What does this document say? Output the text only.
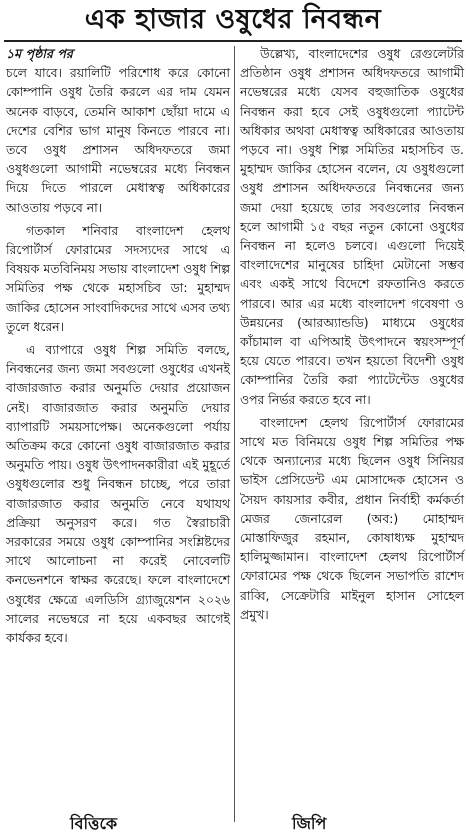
এক হাজার ওষুধের নিবন্ধন

১ম পৃষ্ঠার পর

চলে যাবে। রয়ালিটি পরিশোধ করে কোনো কোম্পানি ওষুধ তৈরি করলে এর দাম যেমন অনেক বাড়বে, তেমনি আকাশ ছোঁয়া দামে এ দেশের বেশির ভাগ মানুষ কিনতে পারবে না। তবে ওষুধ প্রশাসন অধিদফতরে জমা ওষুধগুলো আগামী নভেম্বরের মধ্যে নিবন্ধন দিয়ে দিতে পারলে মেধাস্বত্ব অধিকারের আওতায় পড়বে না।

গতকাল শনিবার বাংলাদেশ হেলথ রিপোর্টার্স ফোরামের সদস্যদের সাথে এ বিষয়ক মতবিনিময় সভায় বাংলাদেশ ওষুধ শিল্প সমিতির পক্ষ থেকে মহাসচিব ডা: মুহাম্মদ জাকির হোসেন সাংবাদিকদের সাথে এসব তথ্য তুলে ধরেন।

এ ব্যাপারে ওষুধ শিল্প সমিতি বলছে, নিবন্ধনের জন্য জমা সবগুলো ওষুধের এখনই বাজারজাত করার অনুমতি দেয়ার প্রয়োজন নেই। বাজারজাত করার অনুমতি দেয়ার ব্যাপারটি সময়সাপেক্ষ। অনেকগুলো পর্যায় অতিক্রম করে কোনো ওষুধ বাজারজাত করার অনুমতি পায়। ওষুধ উৎপাদনকারীরা এই মুহূর্তে ওষুধগুলোর শুধু নিবন্ধন চাচ্ছে, পরে তারা বাজারজাত করার অনুমতি নেবে যথাযথ প্রক্রিয়া অনুসরণ করে। গত স্বৈরাচারী সরকারের সময়ে ওষুধ কোম্পানির সংশ্লিষ্টদের সাথে আলোচনা না করেই নোবেলটি কনভেনশনে স্বাক্ষর করেছে। ফলে বাংলাদেশে ওষুধের ক্ষেত্রে এলডিসি গ্র্যাজুয়েশন ২০২৬ সালের নভেম্বরে না হয়ে একবছর আগেই কার্যকর হবে।

উল্লেখ্য, বাংলাদেশের ওষুধ রেগুলেটরি প্রতিষ্ঠান ওষুধ প্রশাসন অধিদফতরে আগামী নভেম্বরের মধ্যে যেসব বহুজাতিক ওষুধের নিবন্ধন করা হবে সেই ওষুধগুলো প্যাটেন্ট অধিকার অথবা মেধাস্বত্ব অধিকারের আওতায় পড়বে না। ওষুধ শিল্প সমিতির মহাসচিব ড. মুহাম্মদ জাকির হোসেন বলেন, যে ওষুধগুলো ওষুধ প্রশাসন অধিদফতরে নিবন্ধনের জন্য জমা দেয়া হয়েছে তার সবগুলোর নিবন্ধন হলে আগামী ১৫ বছর নতুন কোনো ওষুধের নিবন্ধন না হলেও চলবে। এগুলো দিয়েই বাংলাদেশের মানুষের চাহিদা মেটানো সম্ভব এবং একই সাথে বিদেশে রফতানিও করতে পারবে। আর এর মধ্যে বাংলাদেশ গবেষণা ও উন্নয়নের (আরঅ্যান্ডডি) মাধ্যমে ওষুধের কাঁচামাল বা এপিআই উৎপাদনে স্বয়ংসম্পূর্ণ হয়ে যেতে পারবে। তখন হয়তো বিদেশী ওষুধ কোম্পানির তৈরি করা প্যাটেন্টেড ওষুধের ওপর নির্ভর করতে হবে না।

বাংলাদেশ হেলথ রিপোর্টার্স ফোরামের সাথে মত বিনিময়ে ওষুধ শিল্প সমিতির পক্ষ থেকে অন্যান্যের মধ্যে ছিলেন ওষুধ সিনিয়র ভাইস প্রেসিডেন্ট এম মোসাদ্দেক হোসেন ও সৈয়দ কায়সার কবীর, প্রধান নির্বাহী কর্মকর্তা মেজর জেনারেল (অব:) মোহাম্মদ মোস্তাফিজুর রহমান, কোষাধ্যক্ষ মুহাম্মদ হালিমুজ্জামান। বাংলাদেশ হেলথ রিপোর্টার্স ফোরামের পক্ষ থেকে ছিলেন সভাপতি রাশেদ রাব্বি, সেক্রেটারি মাইনুল হাসান সোহেল প্রমুখ।

বিত্তিকে	জিপি
